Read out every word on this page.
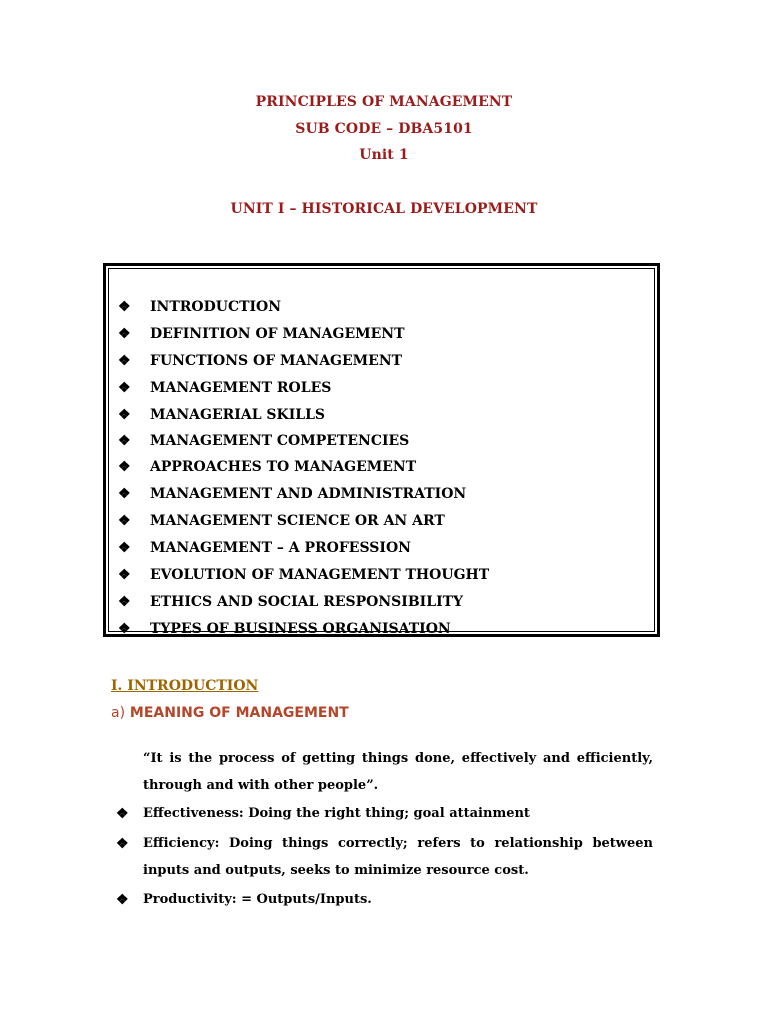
PRINCIPLES OF MANAGEMENT
SUB CODE – DBA5101
Unit 1
UNIT I – HISTORICAL DEVELOPMENT
❖ INTRODUCTION
❖ DEFINITION OF MANAGEMENT
❖ FUNCTIONS OF MANAGEMENT
❖ MANAGEMENT ROLES
❖ MANAGERIAL SKILLS
❖ MANAGEMENT COMPETENCIES
❖ APPROACHES TO MANAGEMENT
❖ MANAGEMENT AND ADMINISTRATION
❖ MANAGEMENT SCIENCE OR AN ART
❖ MANAGEMENT – A PROFESSION
❖ EVOLUTION OF MANAGEMENT THOUGHT
❖ ETHICS AND SOCIAL RESPONSIBILITY
❖ TYPES OF BUSINESS ORGANISATION
I. INTRODUCTION
a) MEANING OF MANAGEMENT
“It is the process of getting things done, effectively and efficiently, through and with other people”.
❖ Effectiveness: Doing the right thing; goal attainment
❖ Efficiency: Doing things correctly; refers to relationship between inputs and outputs, seeks to minimize resource cost.
❖ Productivity: = Outputs/Inputs.
